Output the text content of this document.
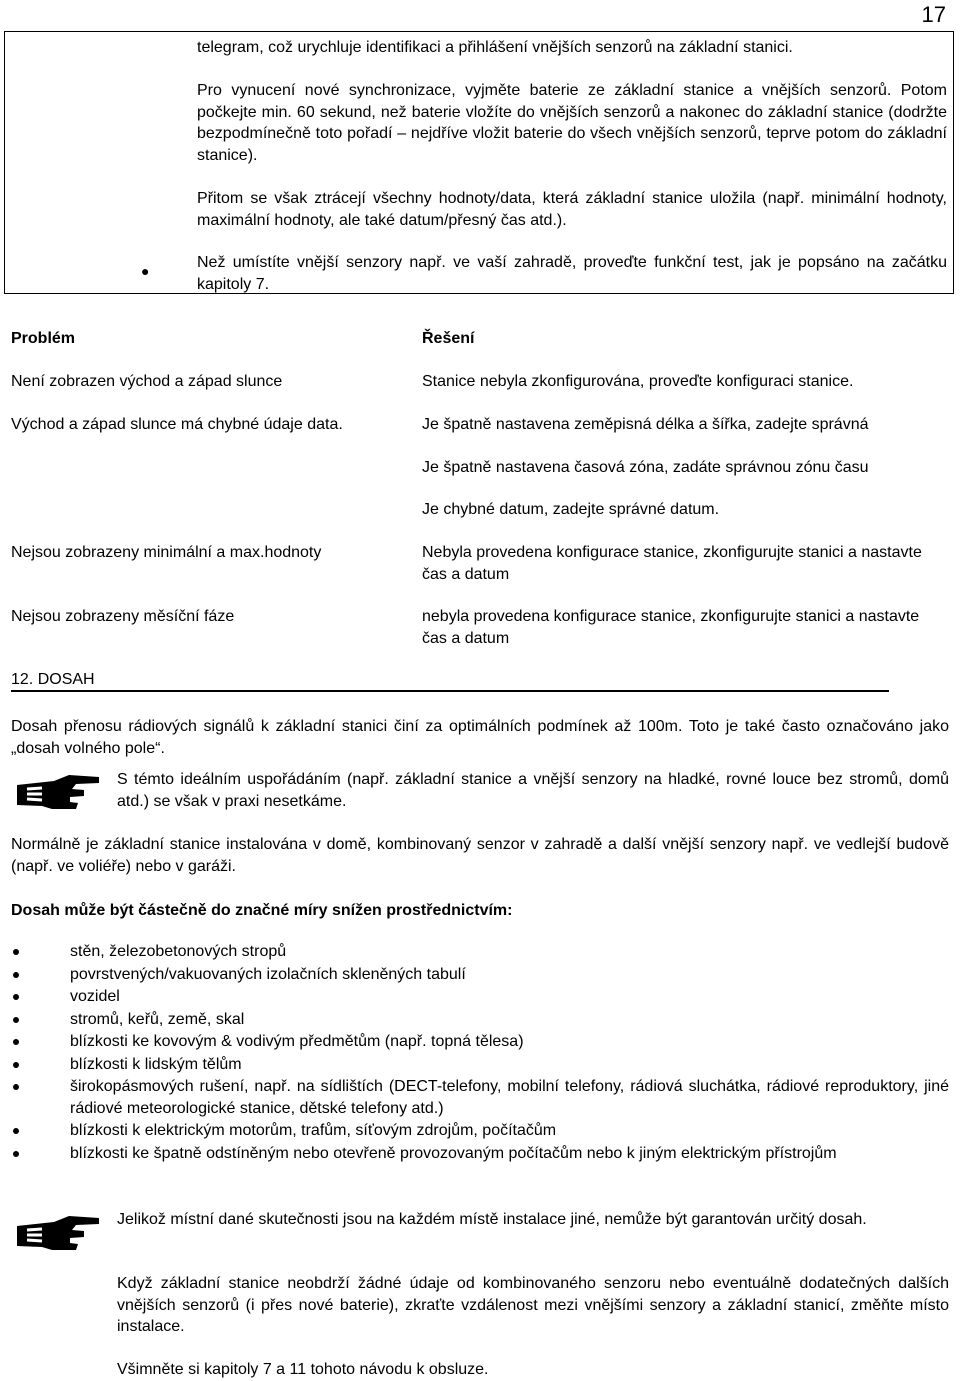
17

telegram, což urychluje identifikaci a přihlášení vnějších senzorů na základní stanici.

Pro vynucení nové synchronizace, vyjměte baterie ze základní stanice a vnějších senzorů. Potom počkejte min. 60 sekund, než baterie vložíte do vnějších senzorů a nakonec do základní stanice (dodržte bezpodmínečně toto pořadí – nejdříve vložit baterie do všech vnějších senzorů, teprve potom do základní stanice).

Přitom se však ztrácejí všechny hodnoty/data, která základní stanice uložila (např. minimální hodnoty, maximální hodnoty, ale také datum/přesný čas atd.).

●	Než umístíte vnější senzory např. ve vaší zahradě, proveďte funkční test, jak je popsáno na začátku kapitoly 7.

Problém	Řešení
Není zobrazen východ a západ slunce	Stanice nebyla zkonfigurována, proveďte konfiguraci stanice.
Východ a západ slunce má chybné údaje data.	Je špatně nastavena zeměpisná délka a šířka, zadejte správná
Je špatně nastavena časová zóna, zadáte správnou zónu času
Je chybné datum, zadejte správné datum.
Nejsou zobrazeny minimální a max.hodnoty	Nebyla provedena konfigurace stanice, zkonfigurujte stanici a nastavte čas a datum
Nejsou zobrazeny měsíční fáze	nebyla provedena konfigurace stanice, zkonfigurujte stanici a nastavte čas a datum
12. DOSAH

Dosah přenosu rádiových signálů k základní stanici činí za optimálních podmínek až 100m. Toto je také často označováno jako „dosah volného pole“.

S témto ideálním uspořádáním (např. základní stanice a vnější senzory na hladké, rovné louce bez stromů, domů atd.) se však v praxi nesetkáme.

Normálně je základní stanice instalována v domě, kombinovaný senzor v zahradě a další vnější senzory např. ve vedlejší budově (např. ve voliéře) nebo v garáži.

Dosah může být částečně do značné míry snížen prostřednictvím:

stěn, železobetonových stropů
povrstvených/vakuovaných izolačních skleněných tabulí
vozidel
stromů, keřů, země, skal
blízkosti ke kovovým & vodivým předmětům (např. topná tělesa)
blízkosti k lidským tělům
širokopásmových rušení, např. na sídlištích (DECT-telefony, mobilní telefony, rádiová sluchátka, rádiové reproduktory, jiné rádiové meteorologické stanice, dětské telefony atd.)
blízkosti k elektrickým motorům, trafům, síťovým zdrojům, počítačům
blízkosti ke špatně odstíněným nebo otevřeně provozovaným počítačům nebo k jiným elektrickým přístrojům

Jelikož místní dané skutečnosti jsou na každém místě instalace jiné, nemůže být garantován určitý dosah.

Když základní stanice neobdrží žádné údaje od kombinovaného senzoru nebo eventuálně dodatečných dalších vnějších senzorů (i přes nové baterie), zkraťte vzdálenost mezi vnějšími senzory a základní stanicí, změňte místo instalace.

Všimněte si kapitoly 7 a 11 tohoto návodu k obsluze.
